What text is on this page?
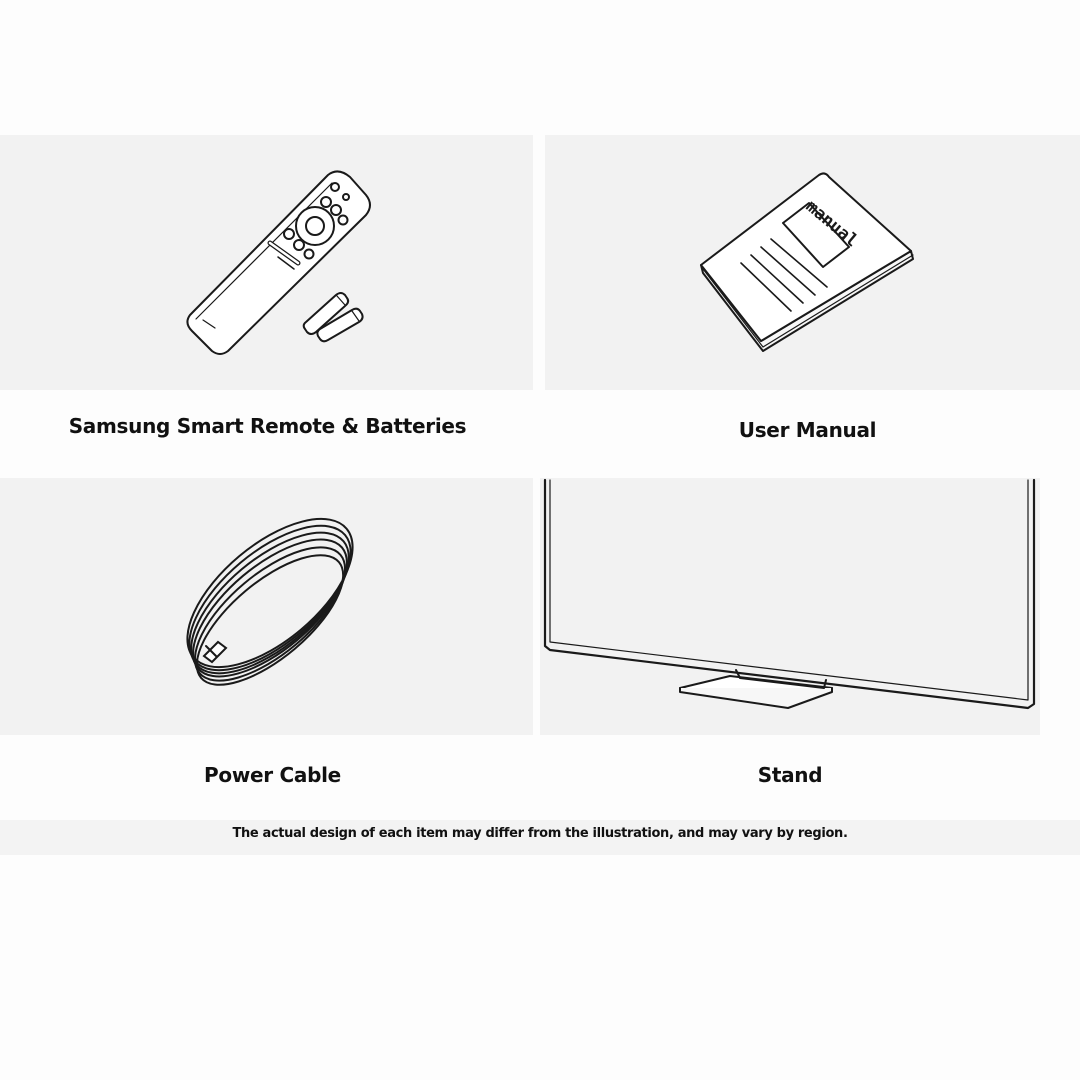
manual
Samsung Smart Remote & Batteries	User Manual
Power Cable	Stand
The actual design of each item may differ from the illustration, and may vary by region.
